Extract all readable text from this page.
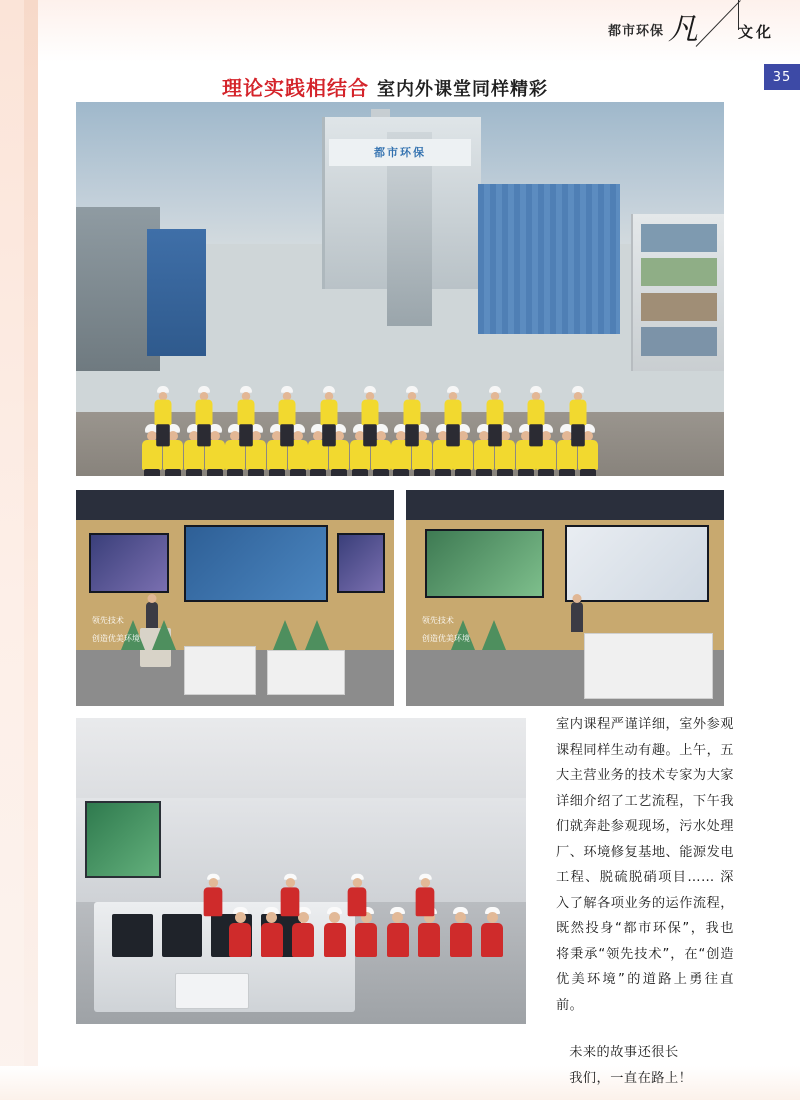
都市环保 凡	文化
35
理论实践相结合 室内外课堂同样精彩
都市环保
领先技术
创造优美环境
领先技术
创造优美环境

室内课程严谨详细，室外参观课程同样生动有趣。上午，五大主营业务的技术专家为大家详细介绍了工艺流程，下午我们就奔赴参观现场，污水处理厂、环境修复基地、能源发电工程、脱硫脱硝项目…… 深入了解各项业务的运作流程，既然投身“都市环保”，我也将秉承“领先技术”，在“创造优美环境”的道路上勇往直前。

未来的故事还很长

我们，一直在路上！
